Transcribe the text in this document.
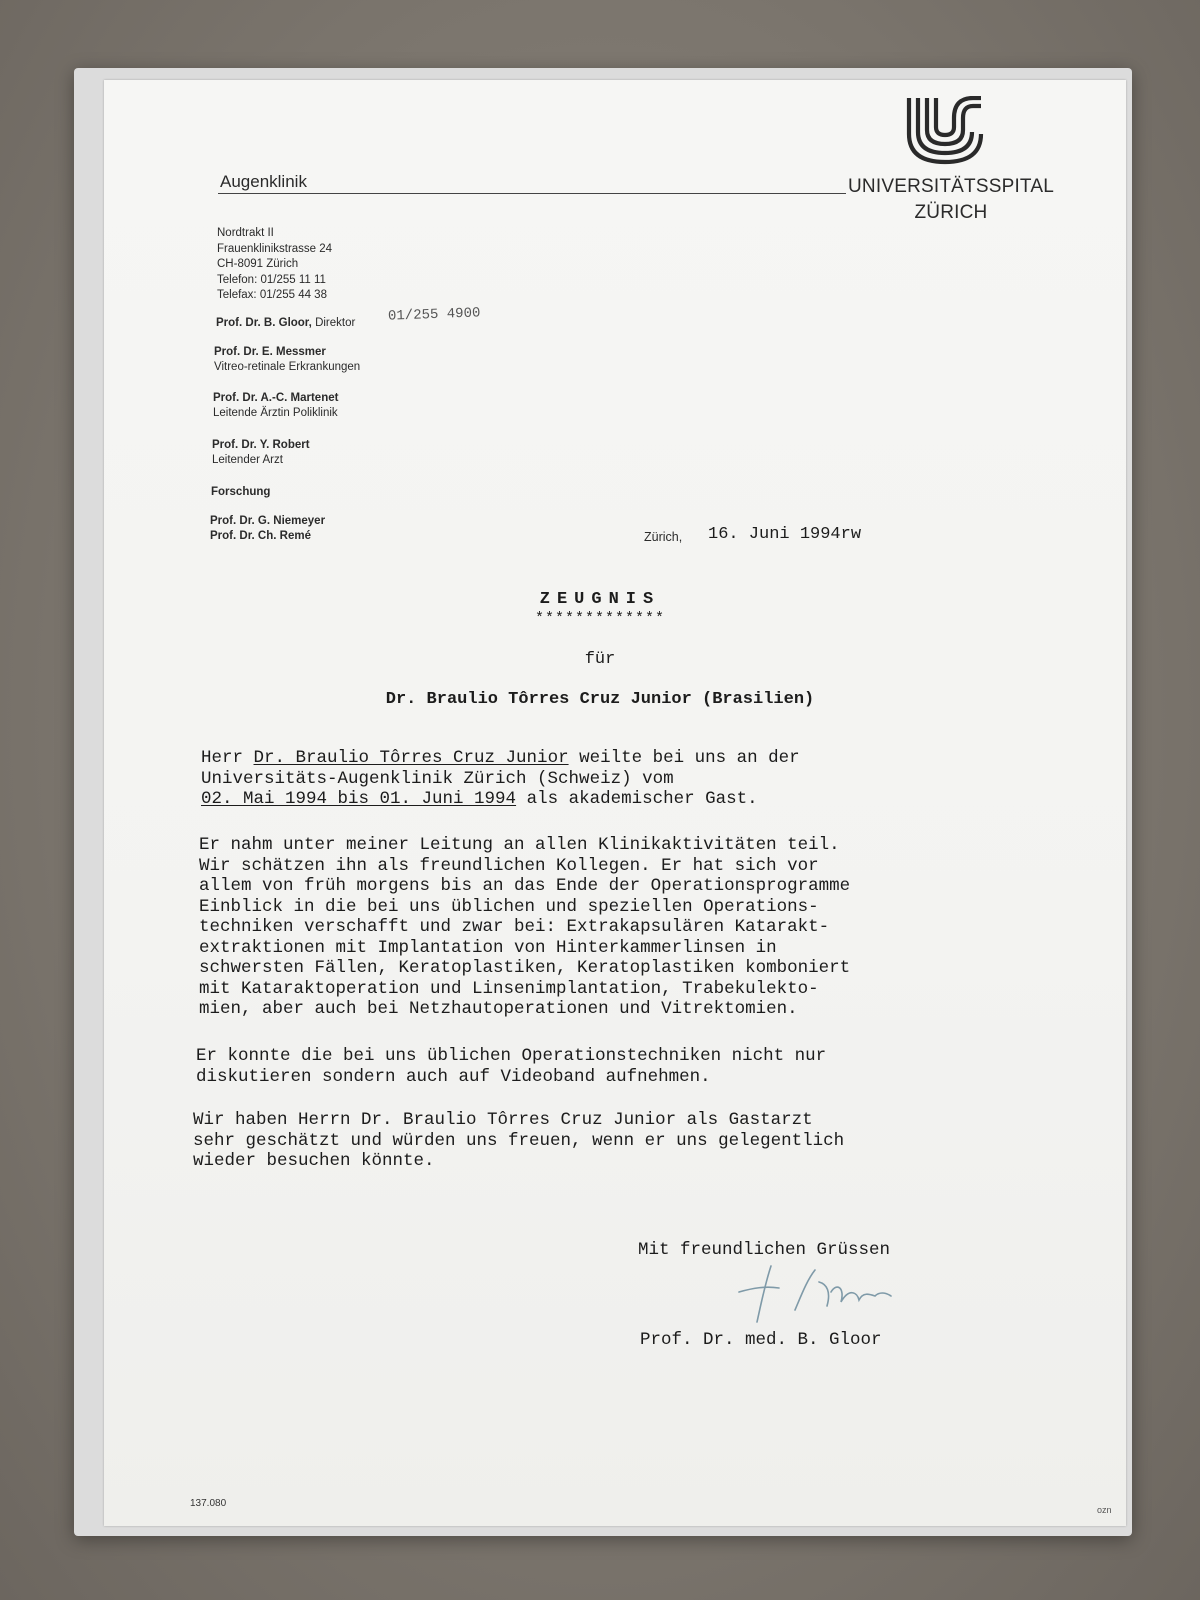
Augenklinik	UNIVERSITÄTSSPITAL
ZÜRICH
Nordtrakt II
Frauenklinikstrasse 24
CH-8091 Zürich
Telefon: 01/255 11 11
Telefax: 01/255 44 38
Prof. Dr. B. Gloor, Direktor 01/255 4900
Prof. Dr. E. Messmer
Vitreo-retinale Erkrankungen
Prof. Dr. A.-C. Martenet
Leitende Ärztin Poliklinik
Prof. Dr. Y. Robert
Leitender Arzt
Forschung
Prof. Dr. G. Niemeyer
Prof. Dr. Ch. Remé	Zürich, 16. Juni 1994rw
ZEUGNIS
*************
für
Dr. Braulio Tôrres Cruz Junior (Brasilien)
Herr Dr. Braulio Tôrres Cruz Junior weilte bei uns an der
Universitäts-Augenklinik Zürich (Schweiz) vom
02. Mai 1994 bis 01. Juni 1994 als akademischer Gast.
Er nahm unter meiner Leitung an allen Klinikaktivitäten teil.
Wir schätzen ihn als freundlichen Kollegen. Er hat sich vor
allem von früh morgens bis an das Ende der Operationsprogramme
Einblick in die bei uns üblichen und speziellen Operations-
techniken verschafft und zwar bei: Extrakapsulären Katarakt-
extraktionen mit Implantation von Hinterkammerlinsen in
schwersten Fällen, Keratoplastiken, Keratoplastiken komboniert
mit Kataraktoperation und Linsenimplantation, Trabekulekto-
mien, aber auch bei Netzhautoperationen und Vitrektomien.
Er konnte die bei uns üblichen Operationstechniken nicht nur
diskutieren sondern auch auf Videoband aufnehmen.
Wir haben Herrn Dr. Braulio Tôrres Cruz Junior als Gastarzt
sehr geschätzt und würden uns freuen, wenn er uns gelegentlich
wieder besuchen könnte.
Mit freundlichen Grüssen
Prof. Dr. med. B. Gloor
137.080
ozn
